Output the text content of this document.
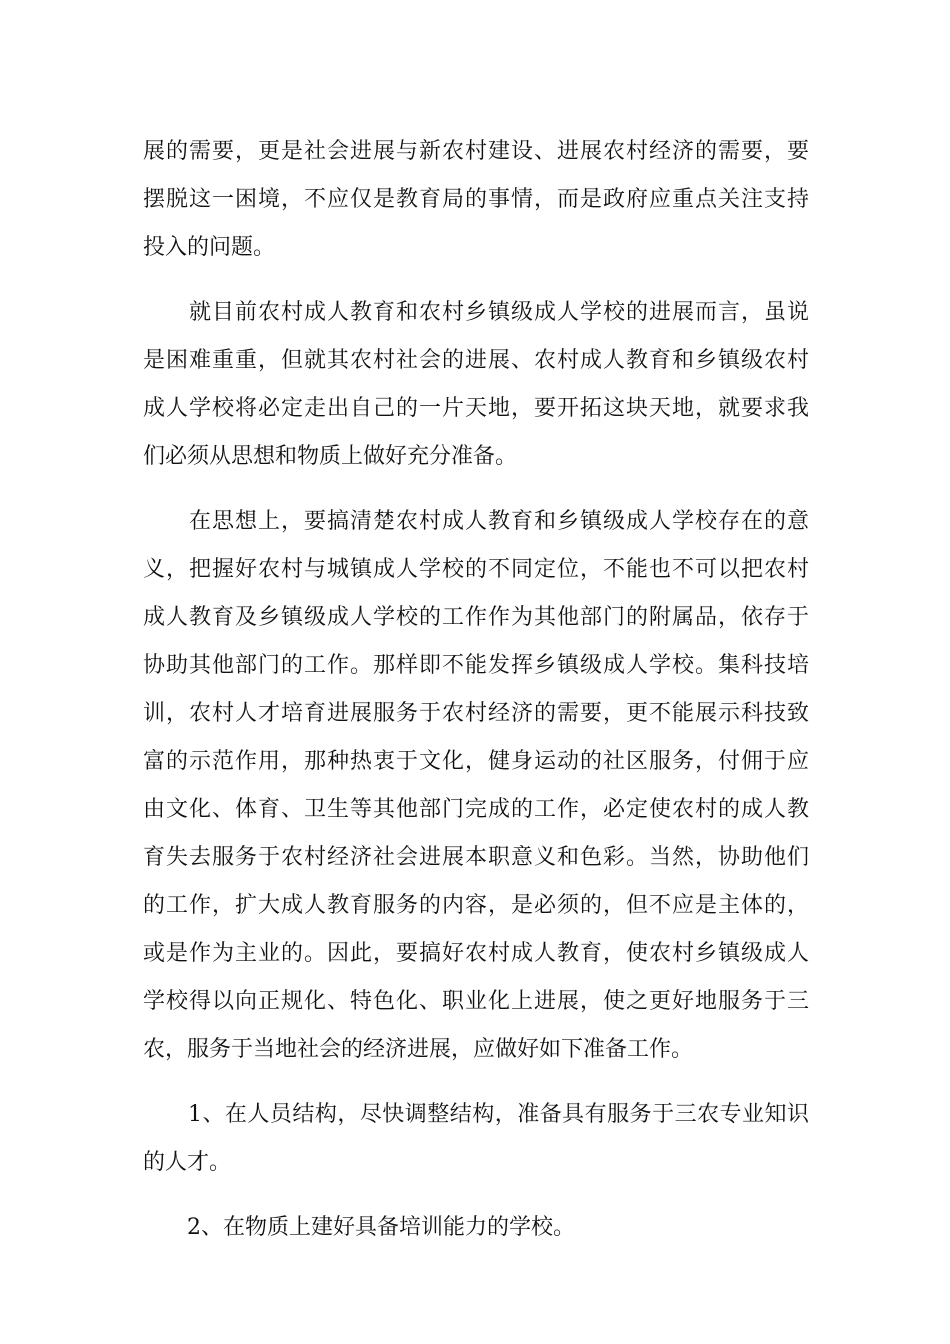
展的需要，更是社会进展与新农村建设、进展农村经济的需要，要
摆脱这一困境，不应仅是教育局的事情，而是政府应重点关注支持
投入的问题。
　　就目前农村成人教育和农村乡镇级成人学校的进展而言，虽说
是困难重重，但就其农村社会的进展、农村成人教育和乡镇级农村
成人学校将必定走出自己的一片天地，要开拓这块天地，就要求我
们必须从思想和物质上做好充分准备。
　　在思想上，要搞清楚农村成人教育和乡镇级成人学校存在的意
义，把握好农村与城镇成人学校的不同定位，不能也不可以把农村
成人教育及乡镇级成人学校的工作作为其他部门的附属品，依存于
协助其他部门的工作。那样即不能发挥乡镇级成人学校。集科技培
训，农村人才培育进展服务于农村经济的需要，更不能展示科技致
富的示范作用，那种热衷于文化，健身运动的社区服务，付佣于应
由文化、体育、卫生等其他部门完成的工作，必定使农村的成人教
育失去服务于农村经济社会进展本职意义和色彩。当然，协助他们
的工作，扩大成人教育服务的内容，是必须的，但不应是主体的，
或是作为主业的。因此，要搞好农村成人教育，使农村乡镇级成人
学校得以向正规化、特色化、职业化上进展，使之更好地服务于三
农，服务于当地社会的经济进展，应做好如下准备工作。
　　1、在人员结构，尽快调整结构，准备具有服务于三农专业知识
的人才。
　　2、在物质上建好具备培训能力的学校。
